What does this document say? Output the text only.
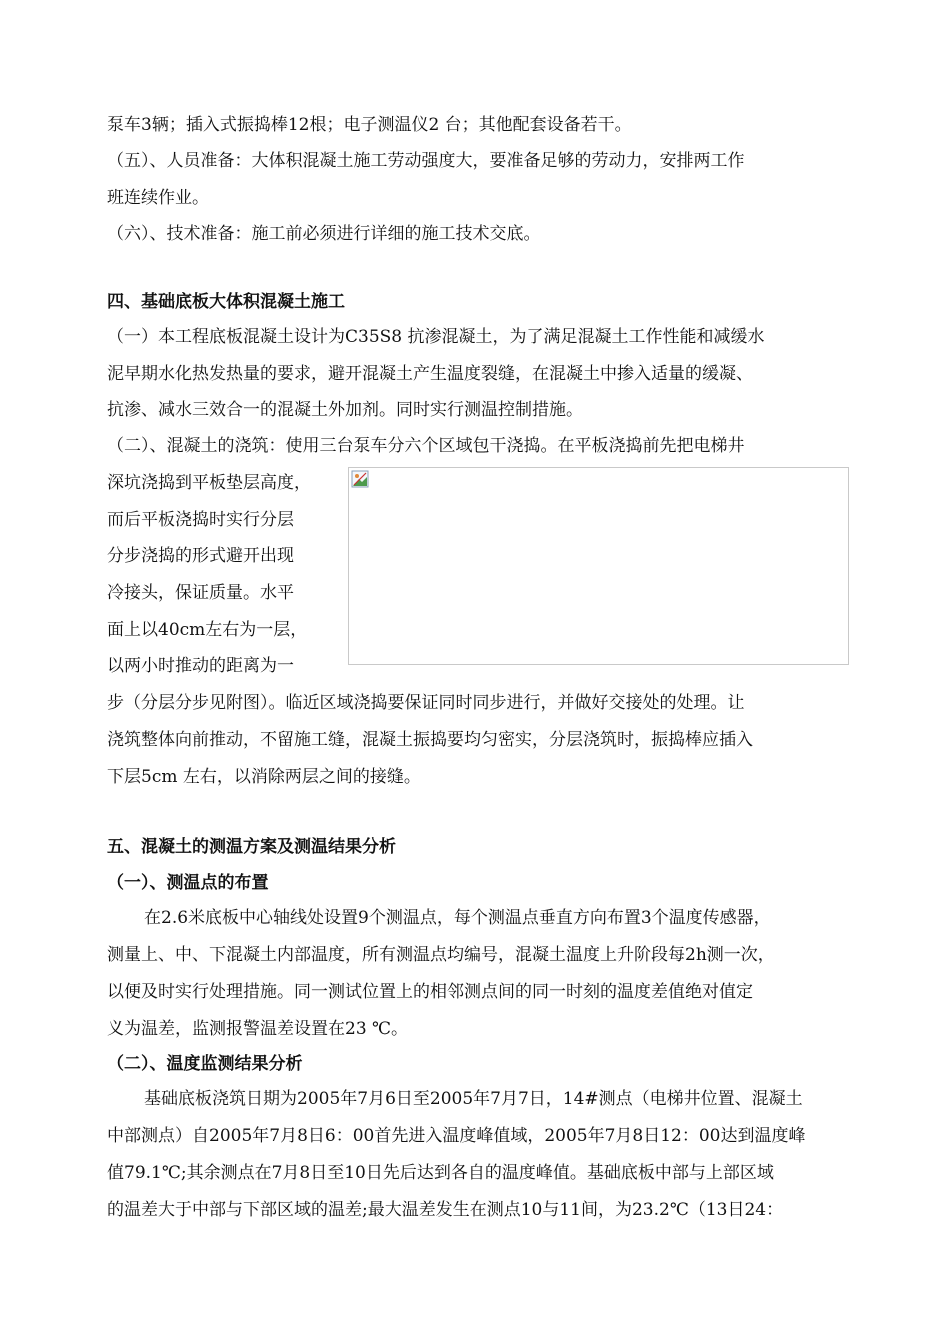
泵车3辆；插入式振捣棒12根；电子测温仪2 台；其他配套设备若干。
（五）、人员准备：大体积混凝土施工劳动强度大，要准备足够的劳动力，安排两工作
班连续作业。
（六）、技术准备：施工前必须进行详细的施工技术交底。
四、基础底板大体积混凝土施工
（一）本工程底板混凝土设计为C35S8 抗渗混凝土，为了满足混凝土工作性能和减缓水
泥早期水化热发热量的要求，避开混凝土产生温度裂缝，在混凝土中掺入适量的缓凝、
抗渗、减水三效合一的混凝土外加剂。同时实行测温控制措施。
（二）、混凝土的浇筑：使用三台泵车分六个区域包干浇捣。在平板浇捣前先把电梯井
深坑浇捣到平板垫层高度，
而后平板浇捣时实行分层
分步浇捣的形式避开出现
冷接头，保证质量。水平
面上以40cm左右为一层，
以两小时推动的距离为一
步（分层分步见附图）。临近区域浇捣要保证同时同步进行，并做好交接处的处理。让
浇筑整体向前推动，不留施工缝，混凝土振捣要均匀密实，分层浇筑时，振捣棒应插入
下层5cm 左右，以消除两层之间的接缝。
五、混凝土的测温方案及测温结果分析
（一）、测温点的布置
在2.6米底板中心轴线处设置9个测温点，每个测温点垂直方向布置3个温度传感器，
测量上、中、下混凝土内部温度，所有测温点均编号，混凝土温度上升阶段每2h测一次，
以便及时实行处理措施。同一测试位置上的相邻测点间的同一时刻的温度差值绝对值定
义为温差，监测报警温差设置在23 ℃。
（二）、温度监测结果分析
基础底板浇筑日期为2005年7月6日至2005年7月7日，14#测点（电梯井位置、混凝土
中部测点）自2005年7月8日6：00首先进入温度峰值域，2005年7月8日12：00达到温度峰
值79.1℃;其余测点在7月8日至10日先后达到各自的温度峰值。基础底板中部与上部区域
的温差大于中部与下部区域的温差;最大温差发生在测点10与11间，为23.2℃（13日24：
